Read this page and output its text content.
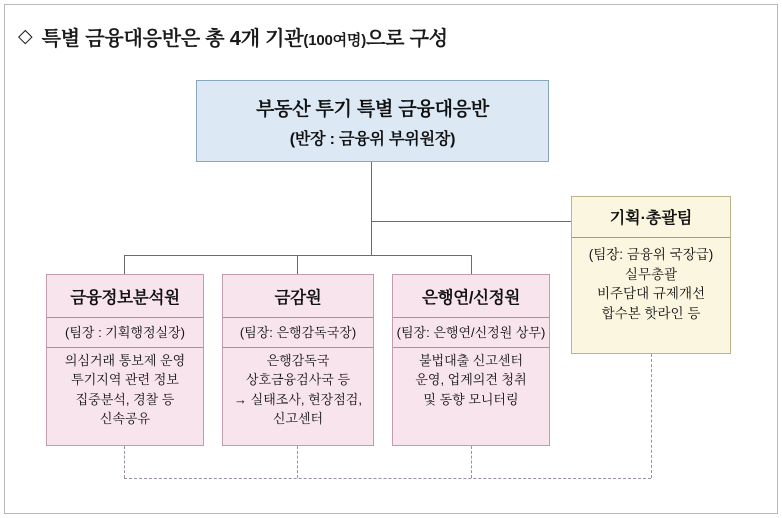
◇ 특별 금융대응반은 총 4개 기관(100여명)으로 구성
부동산 투기 특별 금융대응반
(반장 : 금융위 부위원장)
기획·총괄팀
(팀장: 금융위 국장급)
실무총괄
비주담대 규제개선
합수본 핫라인 등
금융정보분석원
(팀장 : 기획행정실장)
의심거래 통보제 운영
투기지역 관련 정보
집중분석, 경찰 등
신속공유
금감원
(팀장: 은행감독국장)
은행감독국
상호금융검사국 등
→ 실태조사, 현장점검,
신고센터
은행연/신정원
(팀장: 은행연/신정원 상무)
불법대출 신고센터
운영, 업계의견 청취
및 동향 모니터링
